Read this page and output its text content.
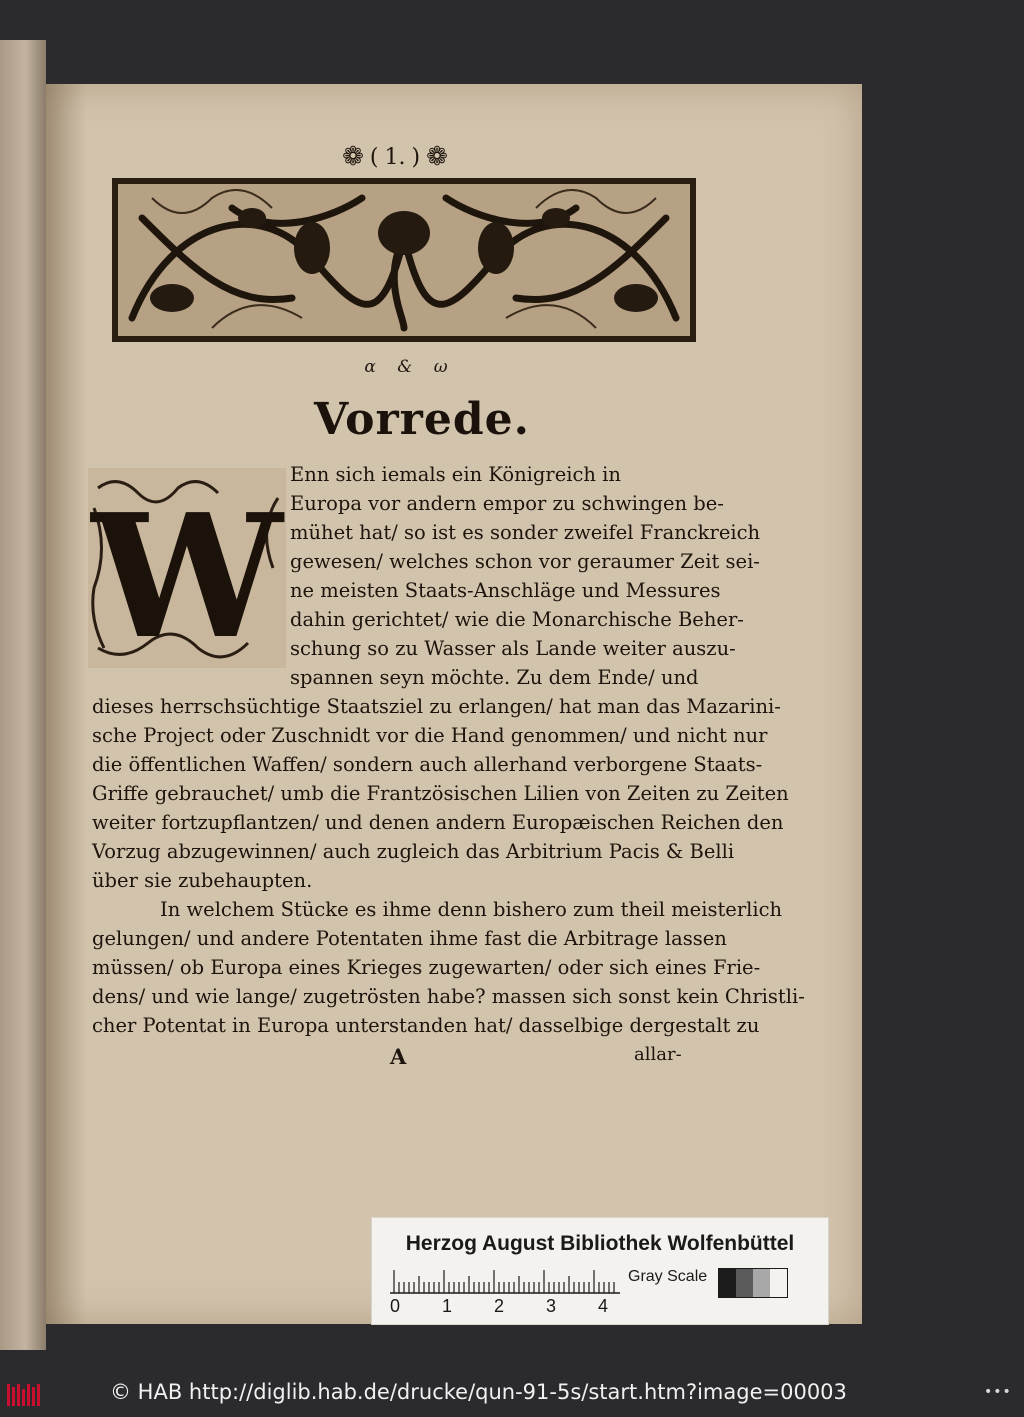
❁ ( 1. ) ❁
α & ω
Vorrede.
W
Enn sich iemals ein Königreich in
Europa vor andern empor zu schwingen be-
mühet hat/ so ist es sonder zweifel Franckreich
gewesen/ welches schon vor geraumer Zeit sei-
ne meisten Staats-Anschläge und Messures
dahin gerichtet/ wie die Monarchische Beher-
schung so zu Wasser als Lande weiter auszu-
spannen seyn möchte. Zu dem Ende/ und
dieses herrschsüchtige Staatsziel zu erlangen/ hat man das Mazarini-
sche Project oder Zuschnidt vor die Hand genommen/ und nicht nur
die öffentlichen Waffen/ sondern auch allerhand verborgene Staats-
Griffe gebrauchet/ umb die Frantzösischen Lilien von Zeiten zu Zeiten
weiter fortzupflantzen/ und denen andern Europæischen Reichen den
Vorzug abzugewinnen/ auch zugleich das Arbitrium Pacis & Belli
über sie zubehaupten.
In welchem Stücke es ihme denn bishero zum theil meisterlich
gelungen/ und andere Potentaten ihme fast die Arbitrage lassen
müssen/ ob Europa eines Krieges zugewarten/ oder sich eines Frie-
dens/ und wie lange/ zugetrösten habe? massen sich sonst kein Christli-
cher Potentat in Europa unterstanden hat/ dasselbige dergestalt zu
A	allar-
Herzog August Bibliothek Wolfenbüttel
0 1 2 3 4
Gray Scale
© HAB http://diglib.hab.de/drucke/qun-91-5s/start.htm?image=00003	•••
